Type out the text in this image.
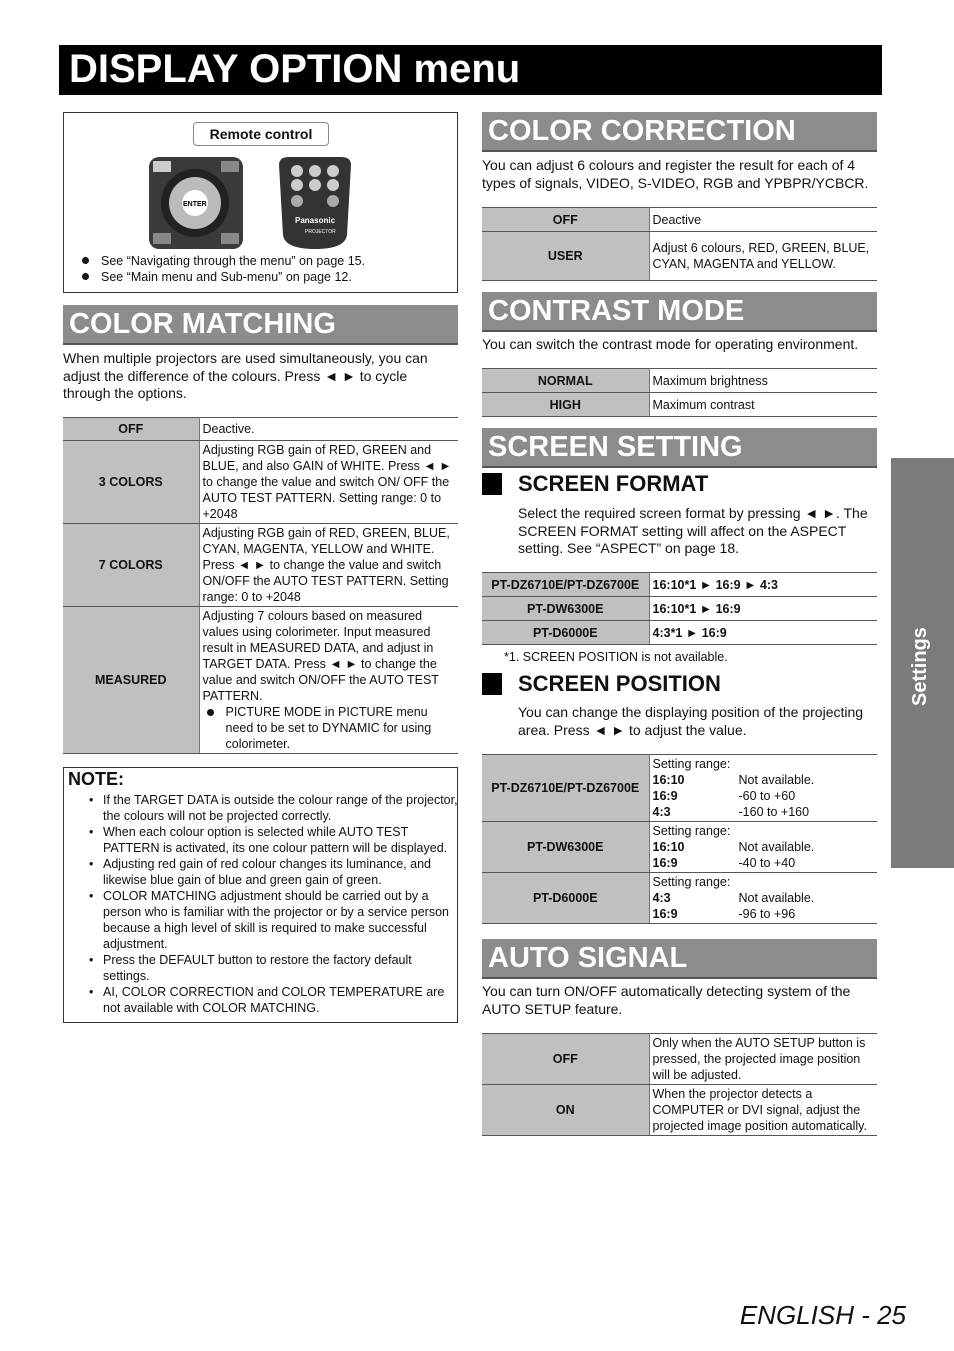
DISPLAY OPTION menu
Remote control
ENTER
Panasonic
PROJECTOR
See “Navigating through the menu” on page 15.
See “Main menu and Sub-menu” on page 12.
COLOR MATCHING
When multiple projectors are used simultaneously, you can adjust the difference of the colours. Press ◄ ► to cycle through the options.
OFF	Deactive.
3 COLORS	Adjusting RGB gain of RED, GREEN and BLUE, and also GAIN of WHITE. Press ◄ ► to change the value and switch ON/ OFF the AUTO TEST PATTERN. Setting range: 0 to +2048
7 COLORS	Adjusting RGB gain of RED, GREEN, BLUE, CYAN, MAGENTA, YELLOW and WHITE. Press ◄ ► to change the value and switch ON/OFF the AUTO TEST PATTERN. Setting range: 0 to +2048
MEASURED	Adjusting 7 colours based on measured values using colorimeter. Input measured result in MEASURED DATA, and adjust in TARGET DATA. Press ◄ ► to change the value and switch ON/OFF the AUTO TEST PATTERN.
PICTURE MODE in PICTURE menu need to be set to DYNAMIC for using colorimeter.
NOTE:
• If the TARGET DATA is outside the colour range of the projector, the colours will not be projected correctly.
• When each colour option is selected while AUTO TEST PATTERN is activated, its one colour pattern will be displayed.
• Adjusting red gain of red colour changes its luminance, and likewise blue gain of blue and green gain of green.
• COLOR MATCHING adjustment should be carried out by a person who is familiar with the projector or by a service person because a high level of skill is required to make successful adjustment.
• Press the DEFAULT button to restore the factory default settings.
• AI, COLOR CORRECTION and COLOR TEMPERATURE are not available with COLOR MATCHING.
COLOR CORRECTION
You can adjust 6 colours and register the result for each of 4 types of signals, VIDEO, S-VIDEO, RGB and YPBPR/YCBCR.
OFF	Deactive
USER	Adjust 6 colours, RED, GREEN, BLUE, CYAN, MAGENTA and YELLOW.
CONTRAST MODE
You can switch the contrast mode for operating environment.
NORMAL	Maximum brightness
HIGH	Maximum contrast
SCREEN SETTING
SCREEN FORMAT
Select the required screen format by pressing ◄ ►. The SCREEN FORMAT setting will affect on the ASPECT setting. See “ASPECT” on page 18.
PT-DZ6710E/PT-DZ6700E	16:10*1 ► 16:9 ► 4:3
PT-DW6300E	16:10*1 ► 16:9
PT-D6000E	4:3*1 ► 16:9
*1. SCREEN POSITION is not available.
SCREEN POSITION
You can change the displaying position of the projecting area. Press ◄ ► to adjust the value.
PT-DZ6710E/PT-DZ6700E	Setting range:
16:10 Not available.
16:9 -60 to +60
4:3 -160 to +160

PT-DW6300E	Setting range:
16:10 Not available.
16:9 -40 to +40

PT-D6000E	Setting range:
4:3 Not available.
16:9 -96 to +96
AUTO SIGNAL
You can turn ON/OFF automatically detecting system of the AUTO SETUP feature.
OFF	Only when the AUTO SETUP button is pressed, the projected image position will be adjusted.
ON	When the projector detects a COMPUTER or DVI signal, adjust the projected image position automatically.
Settings
ENGLISH - 25
